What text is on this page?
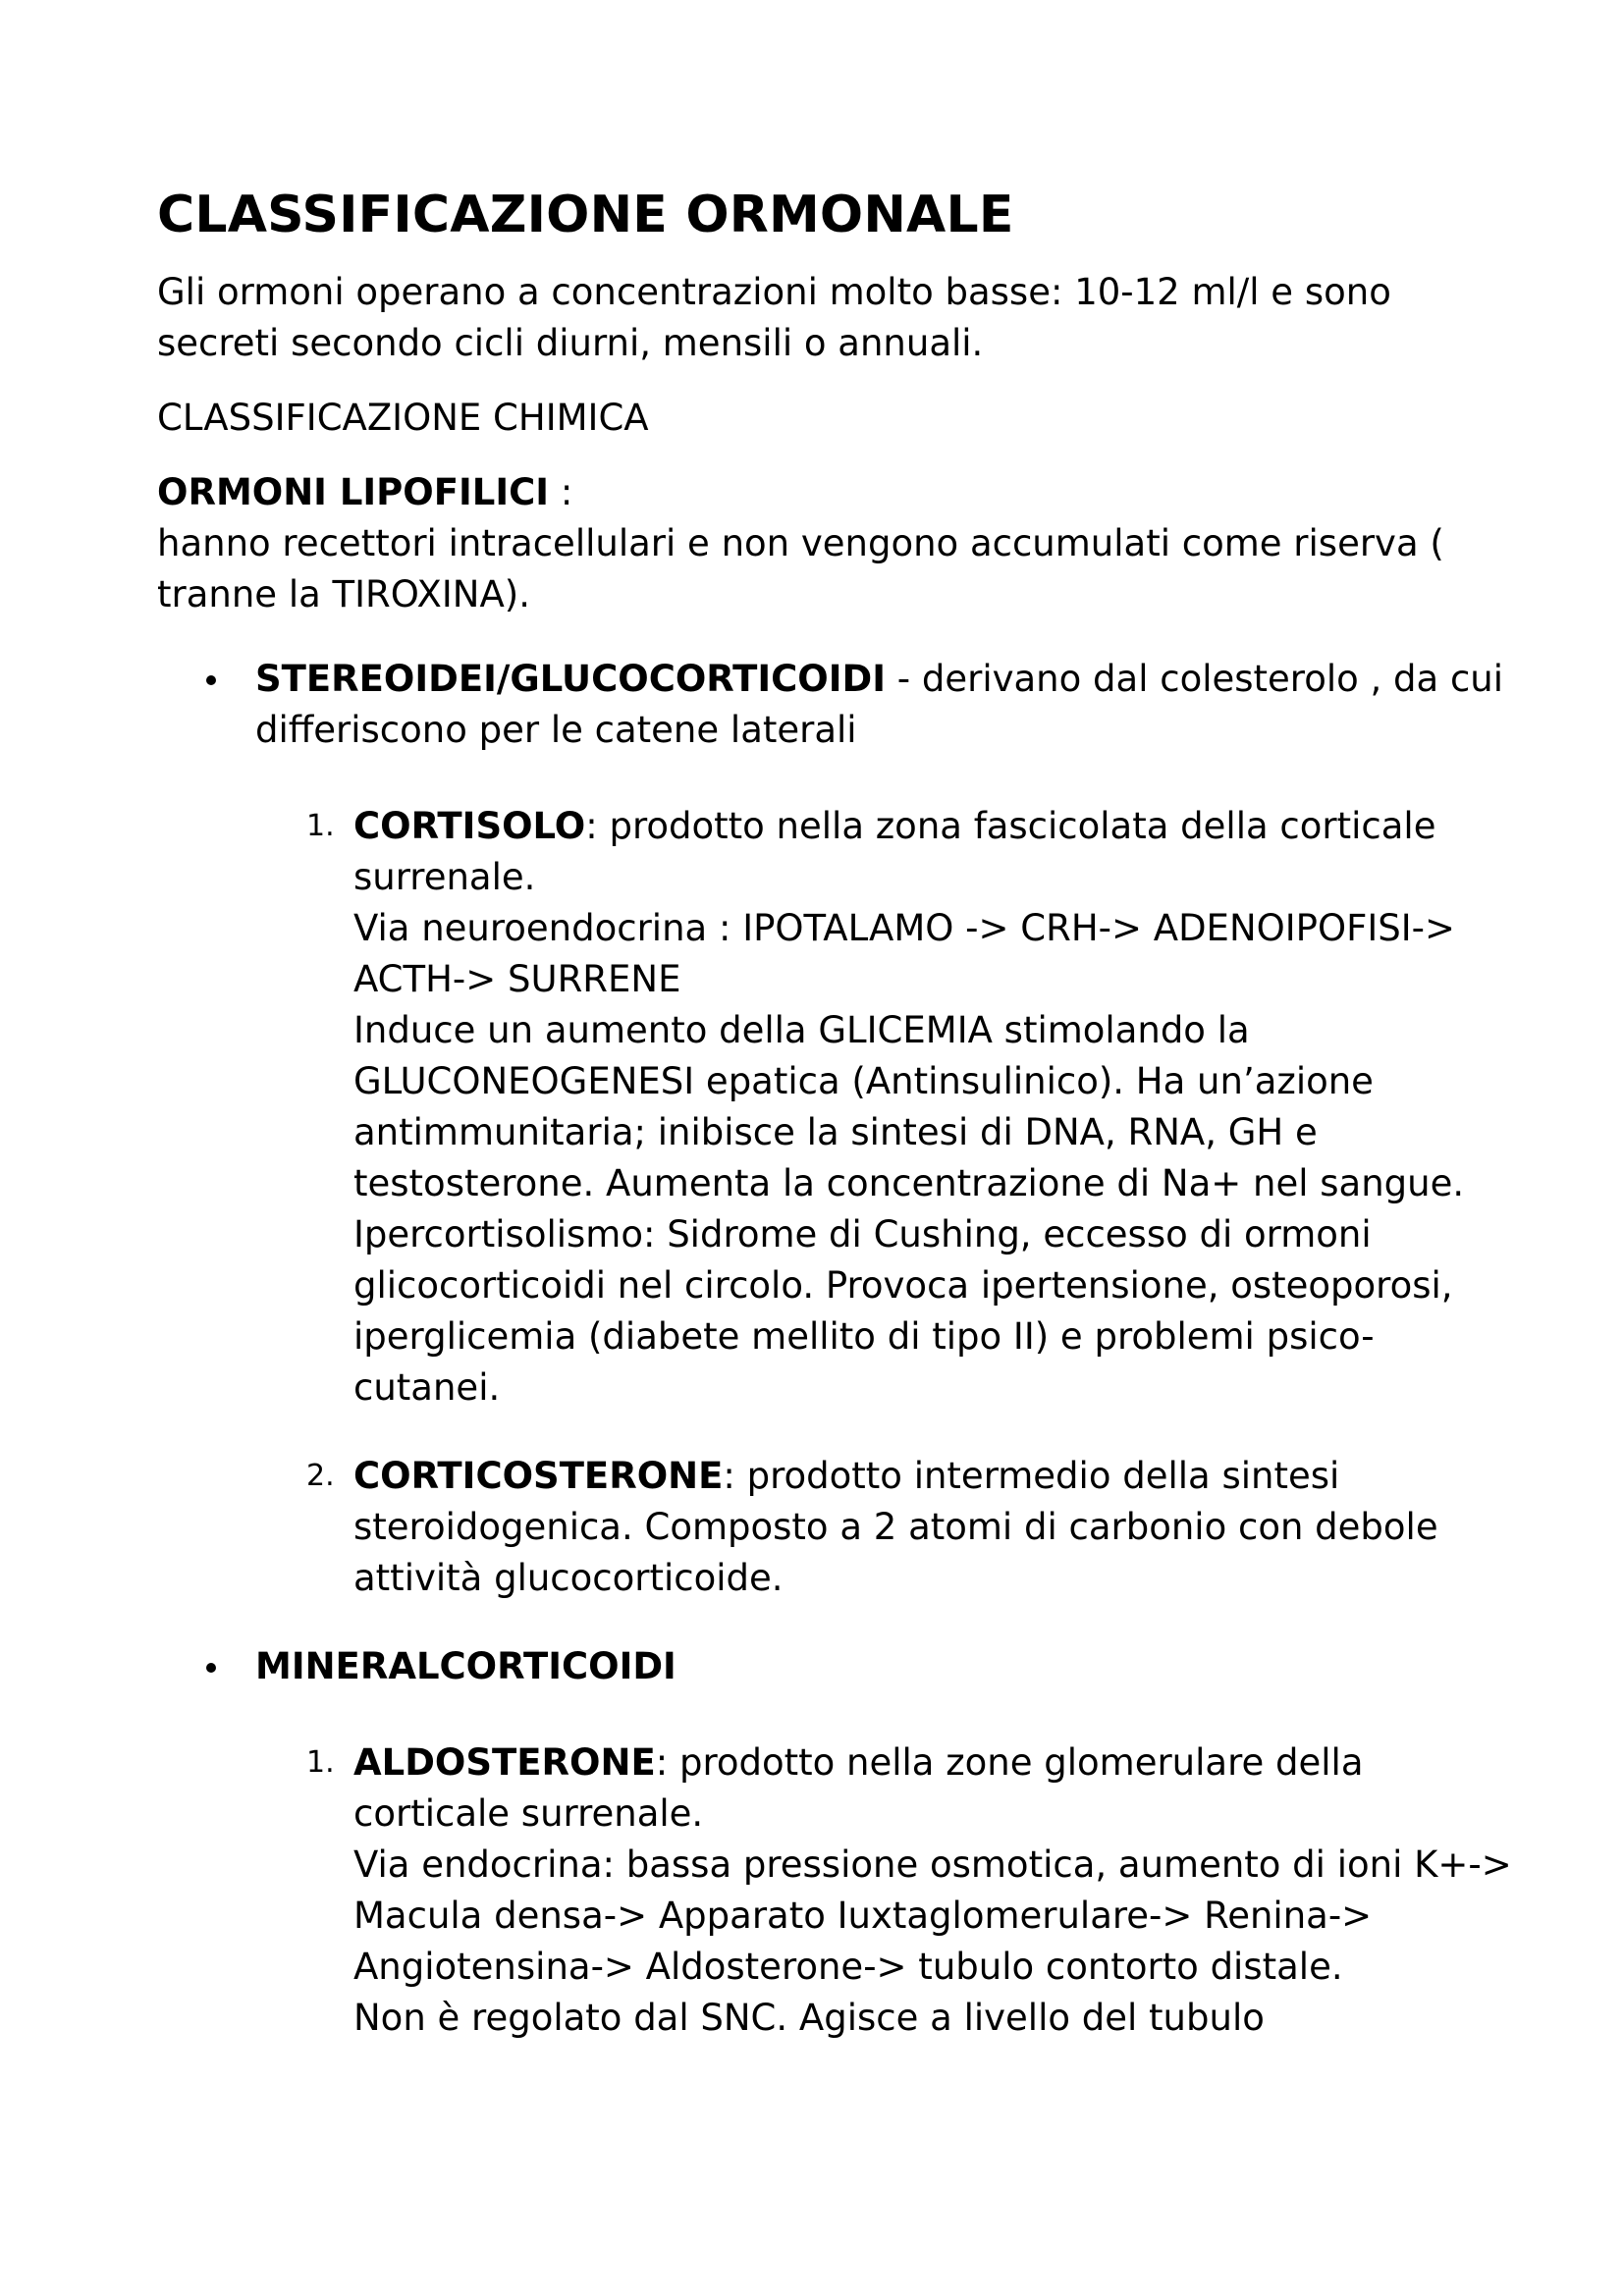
CLASSIFICAZIONE ORMONALE

Gli ormoni operano a concentrazioni molto basse: 10-12 ml/l e sono secreti secondo cicli diurni, mensili o annuali.

CLASSIFICAZIONE CHIMICA

ORMONI LIPOFILICI :
hanno recettori intracellulari e non vengono accumulati come riserva ( tranne la TIROXINA).

STEREOIDEI/GLUCOCORTICOIDI - derivano dal colesterolo , da cui differiscono per le catene laterali
1. CORTISOLO: prodotto nella zona fascicolata della corticale surrenale.
Via neuroendocrina : IPOTALAMO -> CRH-> ADENOIPOFISI-> ACTH-> SURRENE
Induce un aumento della GLICEMIA stimolando la GLUCONEOGENESI epatica (Antinsulinico). Ha un’azione antimmunitaria; inibisce la sintesi di DNA, RNA, GH e testosterone. Aumenta la concentrazione di Na+ nel sangue.
Ipercortisolismo: Sidrome di Cushing, eccesso di ormoni glicocorticoidi nel circolo. Provoca ipertensione, osteoporosi, iperglicemia (diabete mellito di tipo II) e problemi psico-cutanei.
2. CORTICOSTERONE: prodotto intermedio della sintesi steroidogenica. Composto a 2 atomi di carbonio con debole attività glucocorticoide.
MINERALCORTICOIDI
1. ALDOSTERONE: prodotto nella zone glomerulare della corticale surrenale.
Via endocrina: bassa pressione osmotica, aumento di ioni K+-> Macula densa-> Apparato Iuxtaglomerulare-> Renina-> Angiotensina-> Aldosterone-> tubulo contorto distale.
Non è regolato dal SNC. Agisce a livello del tubulo
